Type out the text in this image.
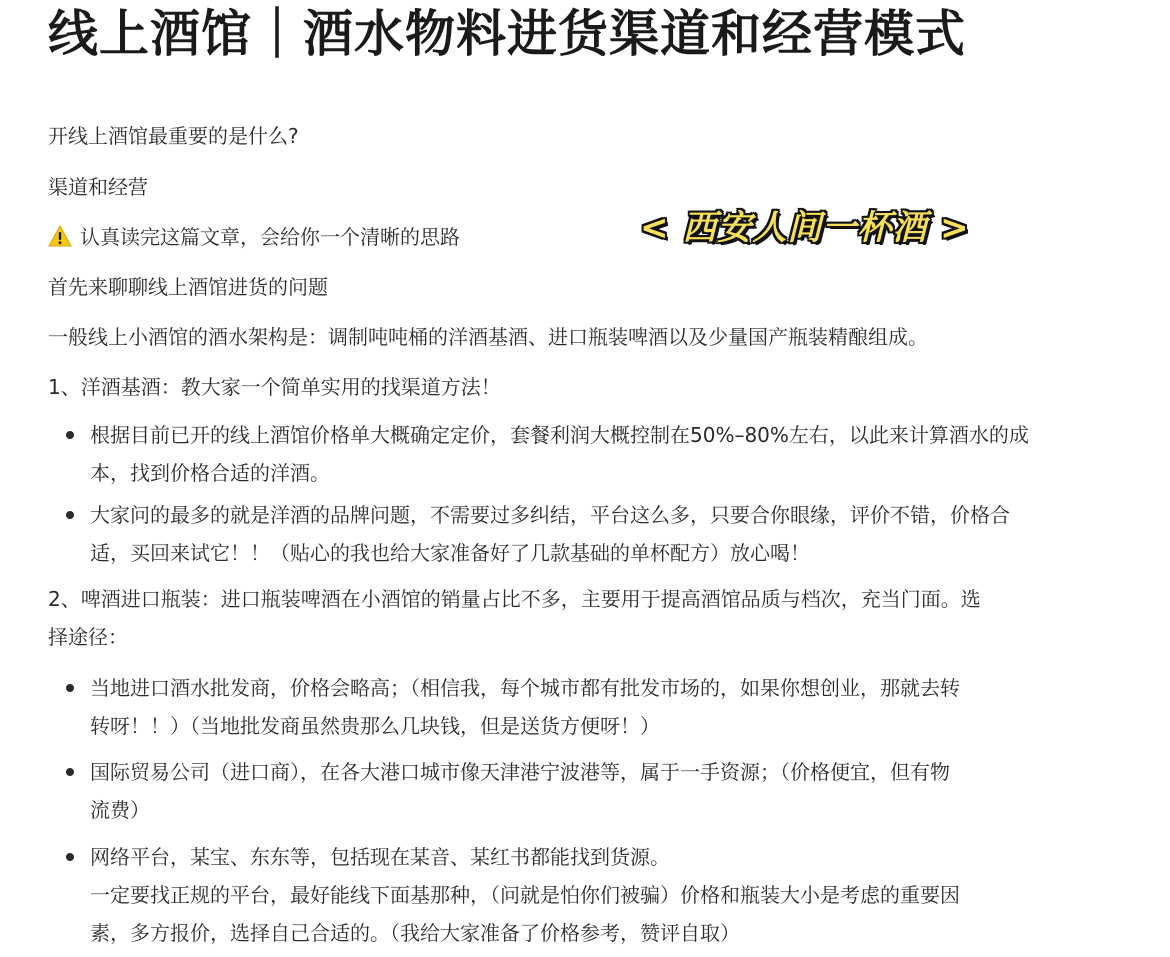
线上酒馆｜酒水物料进货渠道和经营模式
开线上酒馆最重要的是什么?
渠道和经营
认真读完这篇文章，会给你一个清晰的思路	< 西安人间一杯酒 >
首先来聊聊线上酒馆进货的问题
一般线上小酒馆的酒水架构是：调制吨吨桶的洋酒基酒、进口瓶装啤酒以及少量国产瓶装精酿组成。
1、洋酒基酒：教大家一个简单实用的找渠道方法！
根据目前已开的线上酒馆价格单大概确定定价，套餐利润大概控制在50%–80%左右，以此来计算酒水的成
本，找到价格合适的洋酒。
大家问的最多的就是洋酒的品牌问题，不需要过多纠结，平台这么多，只要合你眼缘，评价不错，价格合
适，买回来试它！！（贴心的我也给大家准备好了几款基础的单杯配方）放心喝！
2、啤酒进口瓶装：进口瓶装啤酒在小酒馆的销量占比不多，主要用于提高酒馆品质与档次，充当门面。选
择途径：
当地进口酒水批发商，价格会略高；（相信我，每个城市都有批发市场的，如果你想创业，那就去转
转呀！！）（当地批发商虽然贵那么几块钱，但是送货方便呀！）
国际贸易公司（进口商），在各大港口城市像天津港宁波港等，属于一手资源；（价格便宜，但有物
流费）
网络平台，某宝、东东等，包括现在某音、某红书都能找到货源。
一定要找正规的平台，最好能线下面基那种，（问就是怕你们被骗）价格和瓶装大小是考虑的重要因
素，多方报价，选择自己合适的。（我给大家准备了价格参考，赞评自取）
